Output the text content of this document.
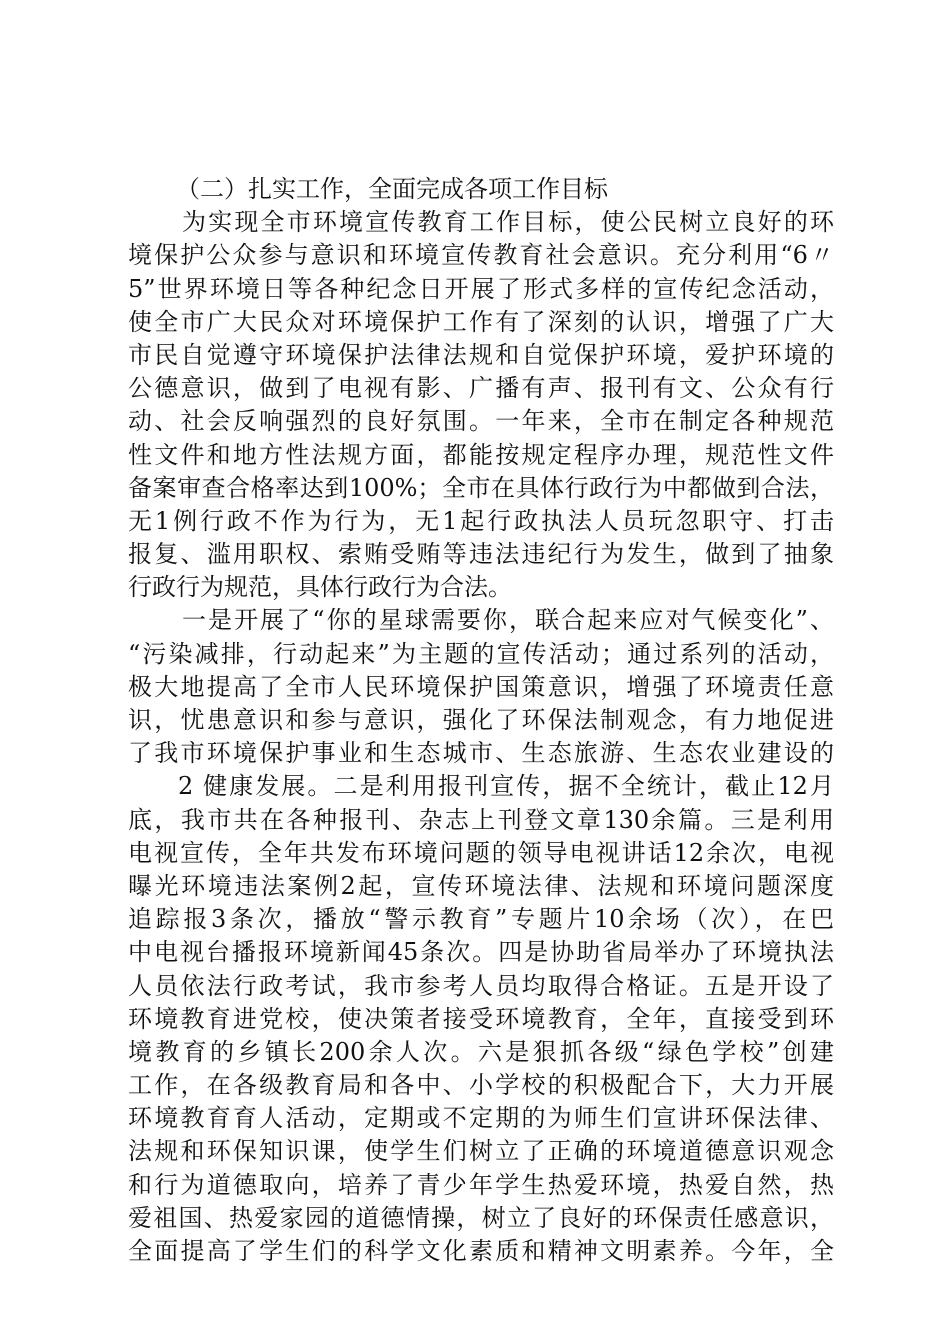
（二）扎实工作，全面完成各项工作目标
为实现全市环境宣传教育工作目标，使公民树立良好的环
境保护公众参与意识和环境宣传教育社会意识。充分利用“6〃
5”世界环境日等各种纪念日开展了形式多样的宣传纪念活动，
使全市广大民众对环境保护工作有了深刻的认识，增强了广大
市民自觉遵守环境保护法律法规和自觉保护环境，爱护环境的
公德意识，做到了电视有影、广播有声、报刊有文、公众有行
动、社会反响强烈的良好氛围。一年来，全市在制定各种规范
性文件和地方性法规方面，都能按规定程序办理，规范性文件
备案审查合格率达到100%；全市在具体行政行为中都做到合法，
无1例行政不作为行为，无1起行政执法人员玩忽职守、打击
报复、滥用职权、索贿受贿等违法违纪行为发生，做到了抽象
行政行为规范，具体行政行为合法。
一是开展了“你的星球需要你，联合起来应对气候变化”、
“污染减排，行动起来”为主题的宣传活动；通过系列的活动，
极大地提高了全市人民环境保护国策意识，增强了环境责任意
识，忧患意识和参与意识，强化了环保法制观念，有力地促进
了我市环境保护事业和生态城市、生态旅游、生态农业建设的
2 健康发展。二是利用报刊宣传，据不全统计，截止12月
底，我市共在各种报刊、杂志上刊登文章130余篇。三是利用
电视宣传，全年共发布环境问题的领导电视讲话12余次，电视
曝光环境违法案例2起，宣传环境法律、法规和环境问题深度
追踪报3条次，播放“警示教育”专题片10余场（次），在巴
中电视台播报环境新闻45条次。四是协助省局举办了环境执法
人员依法行政考试，我市参考人员均取得合格证。五是开设了
环境教育进党校，使决策者接受环境教育，全年，直接受到环
境教育的乡镇长200余人次。六是狠抓各级“绿色学校”创建
工作，在各级教育局和各中、小学校的积极配合下，大力开展
环境教育育人活动，定期或不定期的为师生们宣讲环保法律、
法规和环保知识课，使学生们树立了正确的环境道德意识观念
和行为道德取向，培养了青少年学生热爱环境，热爱自然，热
爱祖国、热爱家园的道德情操，树立了良好的环保责任感意识，
全面提高了学生们的科学文化素质和精神文明素养。今年，全
